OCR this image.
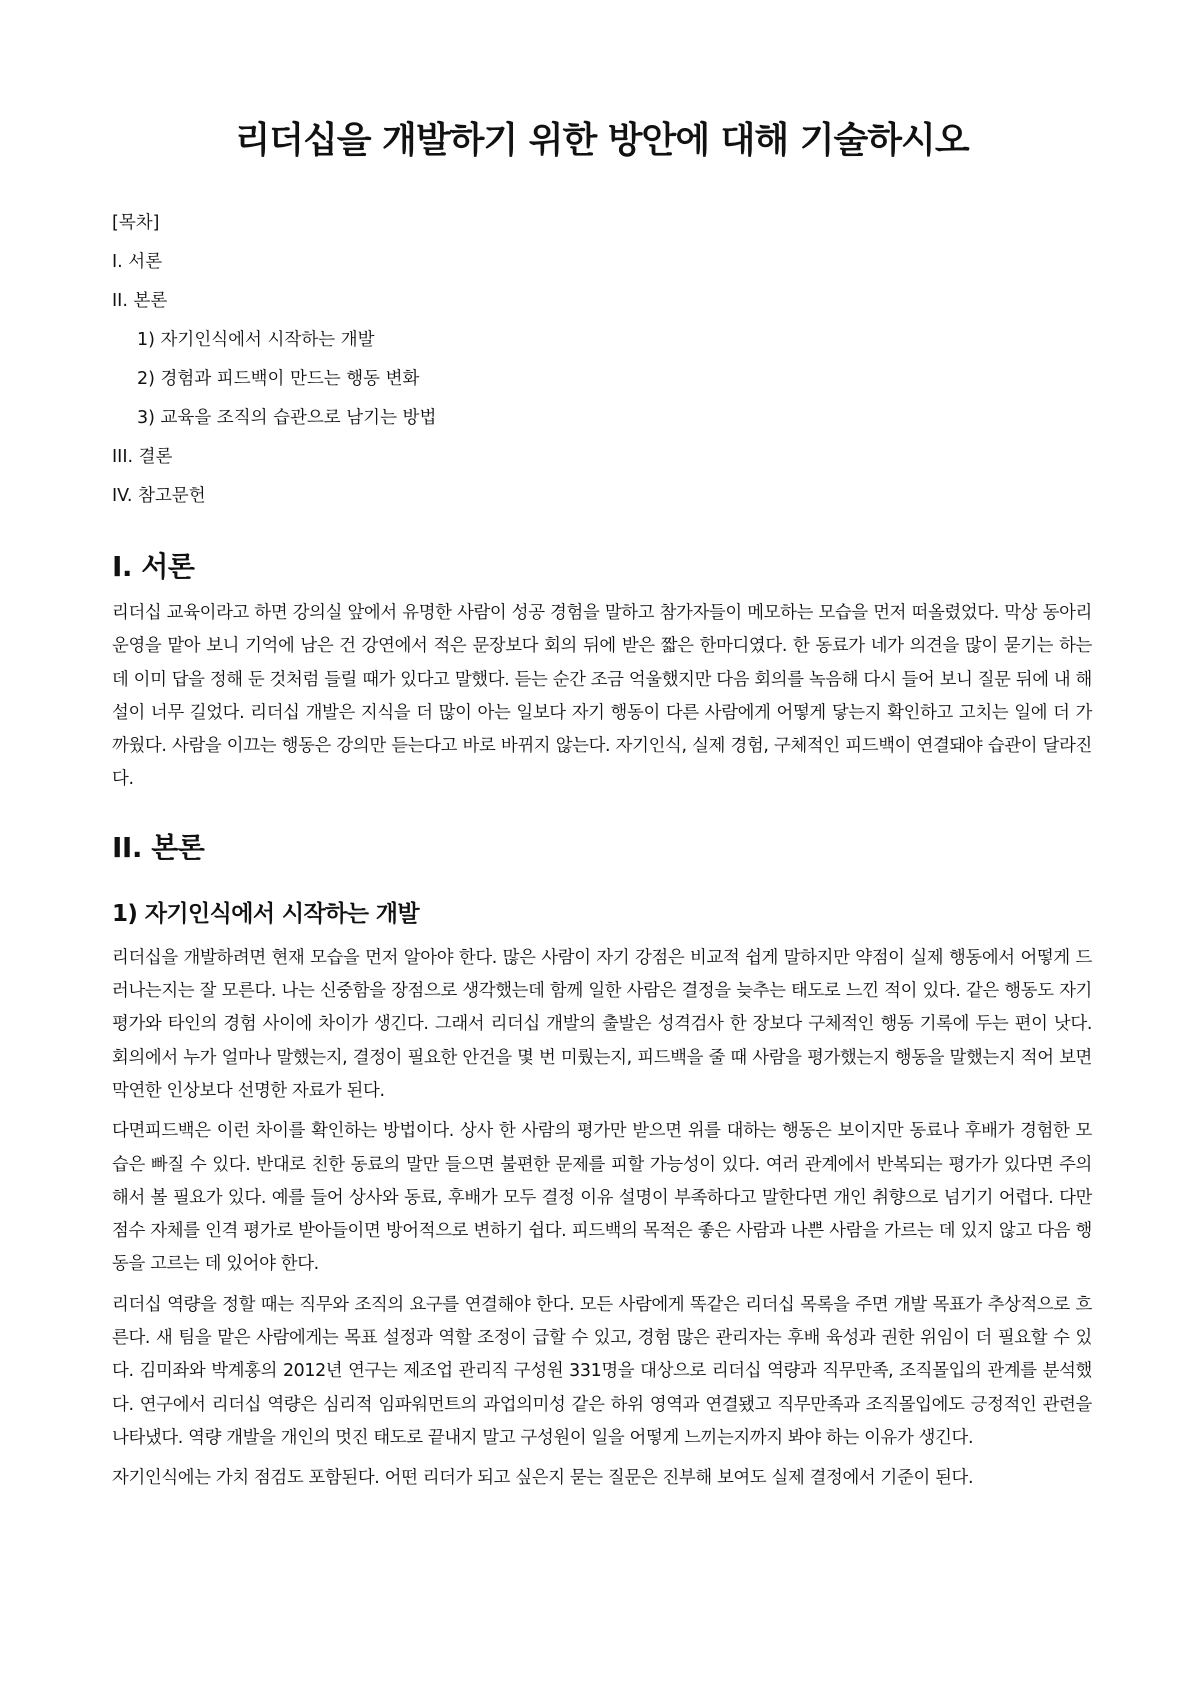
리더십을 개발하기 위한 방안에 대해 기술하시오

[목차]

I. 서론
II. 본론
1) 자기인식에서 시작하는 개발
2) 경험과 피드백이 만드는 행동 변화
3) 교육을 조직의 습관으로 남기는 방법
III. 결론
IV. 참고문헌
I. 서론

리더십 교육이라고 하면 강의실 앞에서 유명한 사람이 성공 경험을 말하고 참가자들이 메모하는 모습을 먼저 떠올렸었다. 막상 동아리 운영을 맡아 보니 기억에 남은 건 강연에서 적은 문장보다 회의 뒤에 받은 짧은 한마디였다. 한 동료가 네가 의견을 많이 묻기는 하는데 이미 답을 정해 둔 것처럼 들릴 때가 있다고 말했다. 듣는 순간 조금 억울했지만 다음 회의를 녹음해 다시 들어 보니 질문 뒤에 내 해설이 너무 길었다. 리더십 개발은 지식을 더 많이 아는 일보다 자기 행동이 다른 사람에게 어떻게 닿는지 확인하고 고치는 일에 더 가까웠다. 사람을 이끄는 행동은 강의만 듣는다고 바로 바뀌지 않는다. 자기인식, 실제 경험, 구체적인 피드백이 연결돼야 습관이 달라진다.

II. 본론
1) 자기인식에서 시작하는 개발

리더십을 개발하려면 현재 모습을 먼저 알아야 한다. 많은 사람이 자기 강점은 비교적 쉽게 말하지만 약점이 실제 행동에서 어떻게 드러나는지는 잘 모른다. 나는 신중함을 장점으로 생각했는데 함께 일한 사람은 결정을 늦추는 태도로 느낀 적이 있다. 같은 행동도 자기평가와 타인의 경험 사이에 차이가 생긴다. 그래서 리더십 개발의 출발은 성격검사 한 장보다 구체적인 행동 기록에 두는 편이 낫다. 회의에서 누가 얼마나 말했는지, 결정이 필요한 안건을 몇 번 미뤘는지, 피드백을 줄 때 사람을 평가했는지 행동을 말했는지 적어 보면 막연한 인상보다 선명한 자료가 된다.

다면피드백은 이런 차이를 확인하는 방법이다. 상사 한 사람의 평가만 받으면 위를 대하는 행동은 보이지만 동료나 후배가 경험한 모습은 빠질 수 있다. 반대로 친한 동료의 말만 들으면 불편한 문제를 피할 가능성이 있다. 여러 관계에서 반복되는 평가가 있다면 주의해서 볼 필요가 있다. 예를 들어 상사와 동료, 후배가 모두 결정 이유 설명이 부족하다고 말한다면 개인 취향으로 넘기기 어렵다. 다만 점수 자체를 인격 평가로 받아들이면 방어적으로 변하기 쉽다. 피드백의 목적은 좋은 사람과 나쁜 사람을 가르는 데 있지 않고 다음 행동을 고르는 데 있어야 한다.

리더십 역량을 정할 때는 직무와 조직의 요구를 연결해야 한다. 모든 사람에게 똑같은 리더십 목록을 주면 개발 목표가 추상적으로 흐른다. 새 팀을 맡은 사람에게는 목표 설정과 역할 조정이 급할 수 있고, 경험 많은 관리자는 후배 육성과 권한 위임이 더 필요할 수 있다. 김미좌와 박계홍의 2012년 연구는 제조업 관리직 구성원 331명을 대상으로 리더십 역량과 직무만족, 조직몰입의 관계를 분석했다. 연구에서 리더십 역량은 심리적 임파워먼트의 과업의미성 같은 하위 영역과 연결됐고 직무만족과 조직몰입에도 긍정적인 관련을 나타냈다. 역량 개발을 개인의 멋진 태도로 끝내지 말고 구성원이 일을 어떻게 느끼는지까지 봐야 하는 이유가 생긴다.

자기인식에는 가치 점검도 포함된다. 어떤 리더가 되고 싶은지 묻는 질문은 진부해 보여도 실제 결정에서 기준이 된다.
